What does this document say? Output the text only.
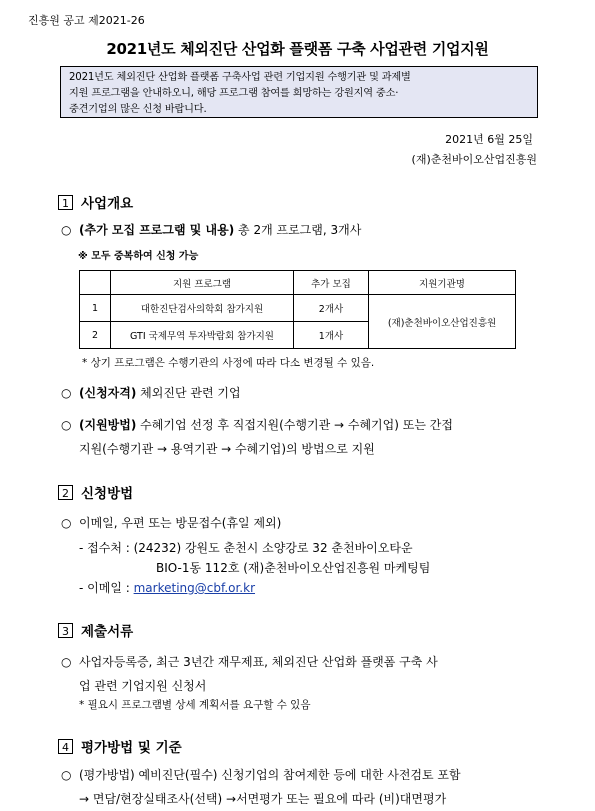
진흥원 공고 제2021-26
2021년도 체외진단 산업화 플랫폼 구축 사업관련 기업지원
2021년도 체외진단 산업화 플랫폼 구축사업 관련 기업지원 수행기관 및 과제별
지원 프로그램을 안내하오니, 해당 프로그램 참여를 희망하는 강원지역 중소·
중견기업의 많은 신청 바랍니다.
2021년 6월 25일
(재)춘천바이오산업진흥원
1 사업개요
○ (추가 모집 프로그램 및 내용) 총 2개 프로그램, 3개사
※ 모두 중복하여 신청 가능
	지원 프로그램	추가 모집	지원기관명
1	대한진단검사의학회 참가지원	2개사	(재)춘천바이오산업진흥원
2	GTI 국제무역 투자박람회 참가지원	1개사	
* 상기 프로그램은 수행기관의 사정에 따라 다소 변경될 수 있음.
○ (신청자격) 체외진단 관련 기업
○ (지원방법) 수혜기업 선정 후 직접지원(수행기관 → 수혜기업) 또는 간접
지원(수행기관 → 용역기관 → 수혜기업)의 방법으로 지원
2 신청방법
○ 이메일, 우편 또는 방문접수(휴일 제외)
- 접수처 : (24232) 강원도 춘천시 소양강로 32 춘천바이오타운
BIO-1동 112호 (재)춘천바이오산업진흥원 마케팅팀
- 이메일 : marketing@cbf.or.kr
3 제출서류
○ 사업자등록증, 최근 3년간 재무제표, 체외진단 산업화 플랫폼 구축 사
업 관련 기업지원 신청서
* 필요시 프로그램별 상세 계획서를 요구할 수 있음
4 평가방법 및 기준
○ (평가방법) 예비진단(필수) 신청기업의 참여제한 등에 대한 사전검토 포함
→ 면담/현장실태조사(선택) →서면평가 또는 필요에 따라 (비)대면평가
